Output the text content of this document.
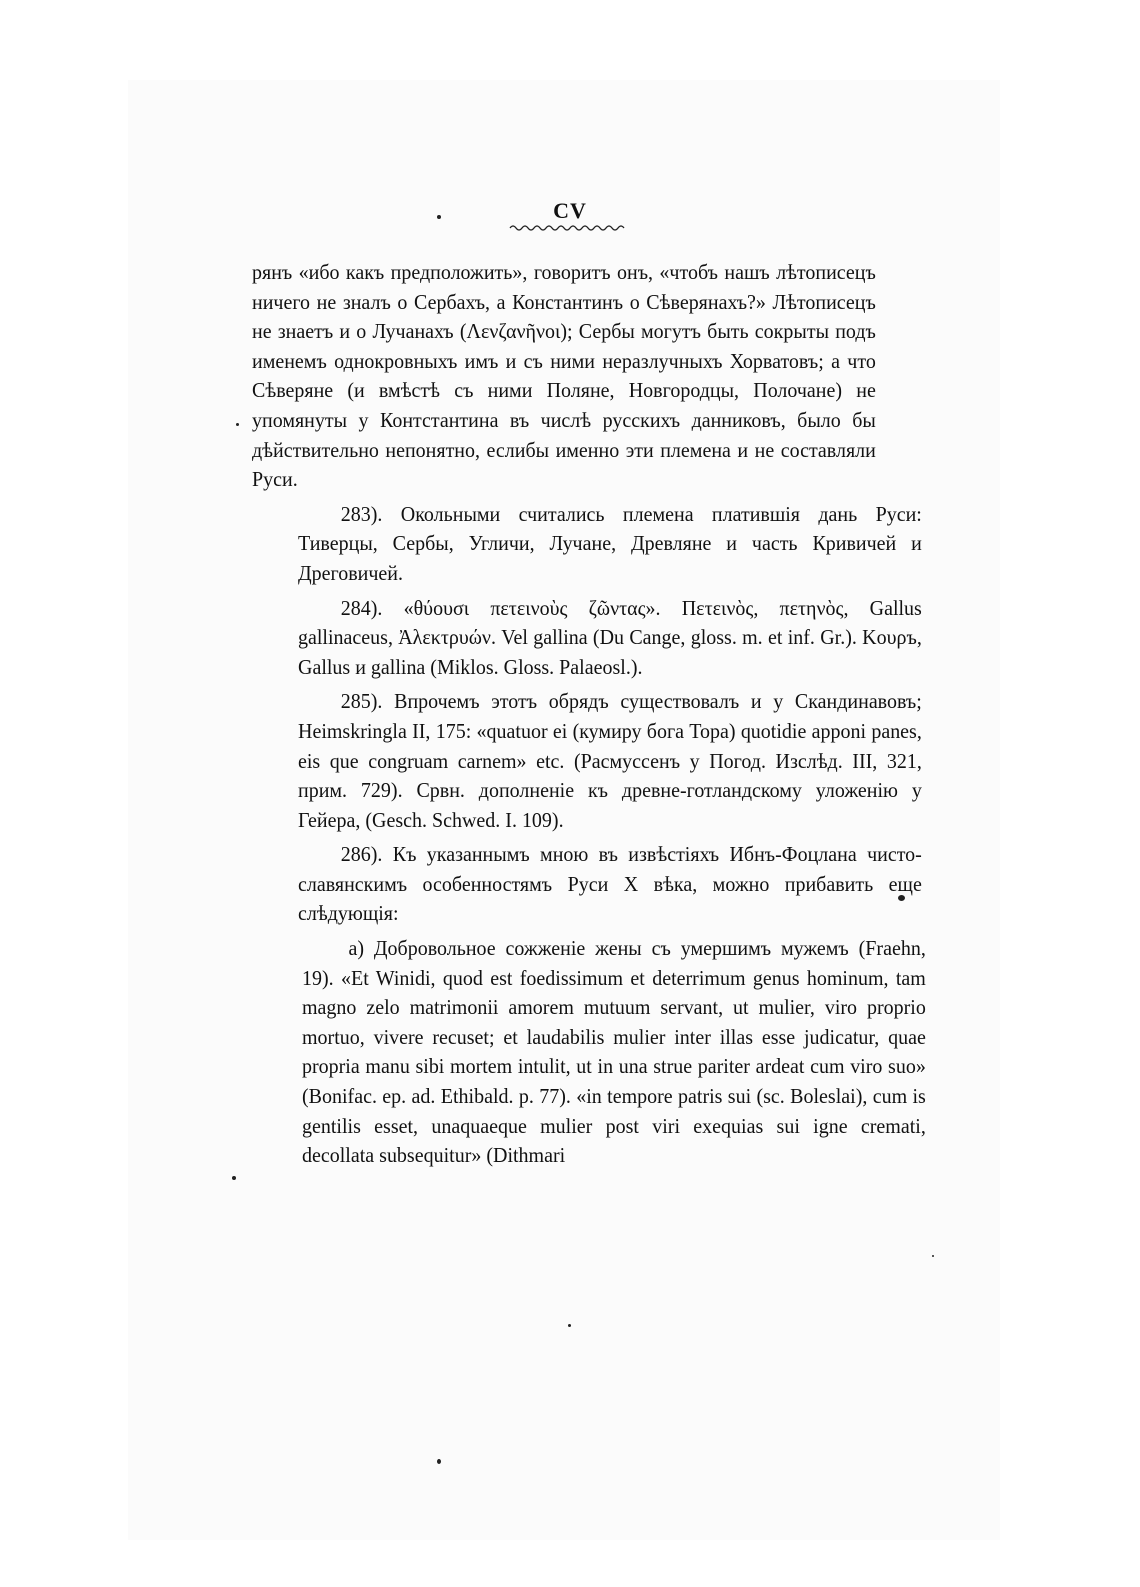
CV

рянъ «ибо какъ предположить», говоритъ онъ, «чтобъ нашъ лѣтописецъ ничего не зналъ о Сербахъ, а Константинъ о Сѣверянахъ?» Лѣтописецъ не знаетъ и о Лучанахъ (Λενζανῆνοι); Сербы могутъ быть сокрыты подъ именемъ однокровныхъ имъ и съ ними неразлучныхъ Хорватовъ; а что Сѣверяне (и вмѣстѣ съ ними Поляне, Новгородцы, Полочане) не упомянуты у Контстантина въ числѣ русскихъ данниковъ, было бы дѣйствительно непонятно, еслибы именно эти племена и не составляли Руси.

283). Окольными считались племена платившія дань Руси: Тиверцы, Сербы, Угличи, Лучане, Древляне и часть Кривичей и Дреговичей.

284). «θύουσι πετεινοὺς ζῶντας». Πετεινὸς, πετηνὸς, Gallus gallinaceus, Ἀλεκτρυών. Vel gallina (Du Cange, gloss. m. et inf. Gr.). Κουρъ, Gallus и gallina (Miklos. Gloss. Palaeosl.).

285). Впрочемъ этотъ обрядъ существовалъ и у Скандинавовъ; Heimskringla II, 175: «quatuor ei (кумиру бога Тора) quotidie apponi panes, eis que congruam carnem» etc. (Расмуссенъ у Погод. Изслѣд. III, 321, прим. 729). Срвн. дополненіе къ древне-готландскому уложенію у Гейера, (Gesch. Schwed. I. 109).

286). Къ указаннымъ мною въ извѣстіяхъ Ибнъ-Фоцлана чисто-славянскимъ особенностямъ Руси X вѣка, можно прибавить еще слѣдующія:

а) Добровольное сожженіе жены съ умершимъ мужемъ (Fraehn, 19). «Et Winidi, quod est foedissimum et deterrimum genus hominum, tam magno zelo matrimonii amorem mutuum servant, ut mulier, viro proprio mortuo, vivere recuset; et laudabilis mulier inter illas esse judicatur, quae propria manu sibi mortem intulit, ut in una strue pariter ardeat cum viro suo» (Bonifac. ep. ad. Ethibald. p. 77). «in tempore patris sui (sc. Boleslai), cum is gentilis esset, unaquaeque mulier post viri exequias sui igne cremati, decollata subsequitur» (Dithmari
